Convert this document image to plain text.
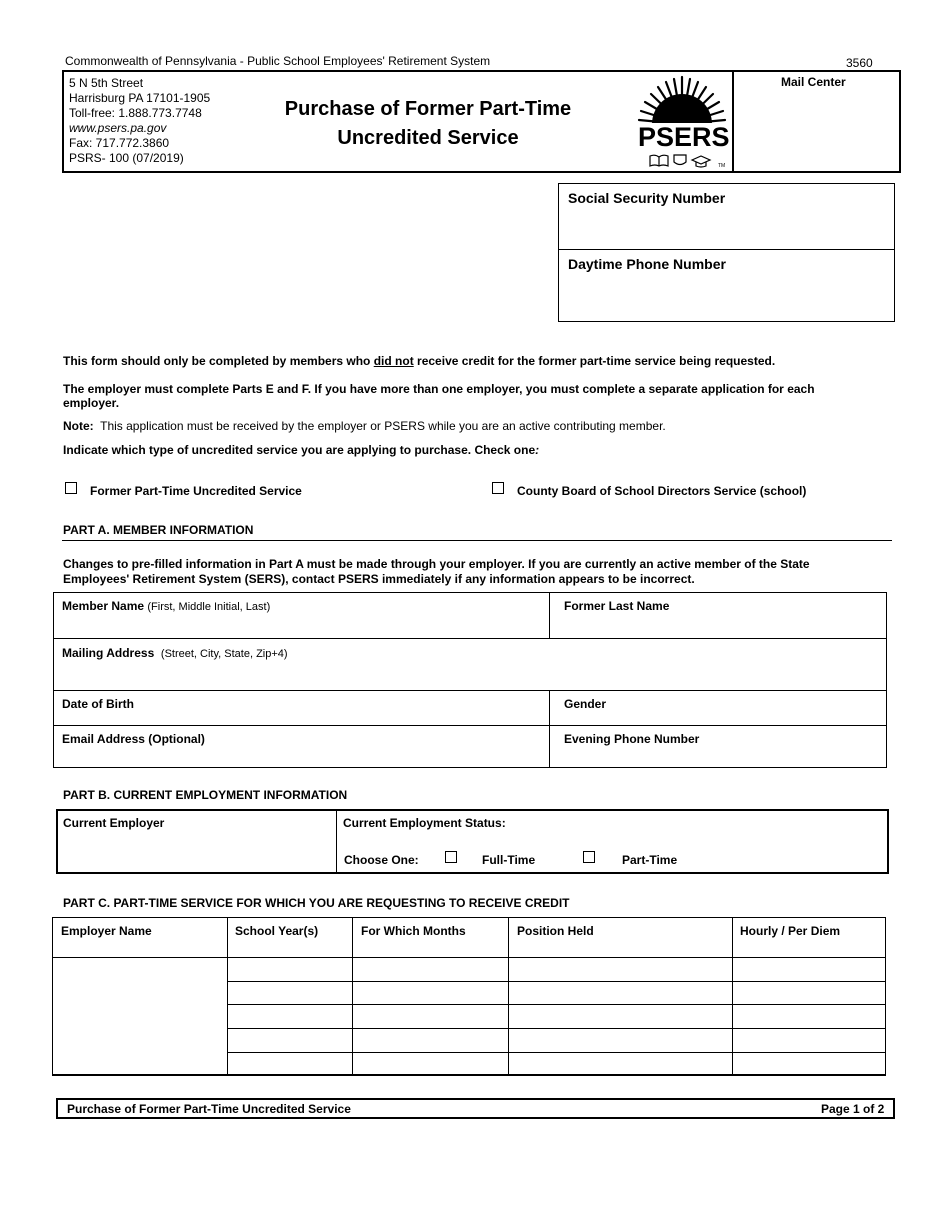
Commonwealth of Pennsylvania - Public School Employees' Retirement System	3560
5 N 5th Street
Harrisburg PA 17101-1905
Toll-free: 1.888.773.7748
www.psers.pa.gov
Fax: 717.772.3860
PSRS- 100 (07/2019)
Purchase of Former Part-Time
Uncredited Service	PSERS
TM
Mail Center
Social Security Number
Daytime Phone Number
This form should only be completed by members who did not receive credit for the former part-time service being requested.
The employer must complete Parts E and F. If you have more than one employer, you must complete a separate application for each employer.
Note: This application must be received by the employer or PSERS while you are an active contributing member.
Indicate which type of uncredited service you are applying to purchase. Check one:
Former Part-Time Uncredited Service	County Board of School Directors Service (school)
PART A. MEMBER INFORMATION
Changes to pre-filled information in Part A must be made through your employer. If you are currently an active member of the State Employees' Retirement System (SERS), contact PSERS immediately if any information appears to be incorrect.
Member Name (First, Middle Initial, Last)	Former Last Name
Mailing Address (Street, City, State, Zip+4)
Date of Birth	Gender
Email Address (Optional)	Evening Phone Number
PART B. CURRENT EMPLOYMENT INFORMATION
Current Employer	Current Employment Status:
Choose One:	Full-Time	Part-Time
PART C. PART-TIME SERVICE FOR WHICH YOU ARE REQUESTING TO RECEIVE CREDIT
Employer Name	School Year(s)	For Which Months	Position Held	Hourly / Per Diem
Purchase of Former Part-Time Uncredited Service	Page 1 of 2
